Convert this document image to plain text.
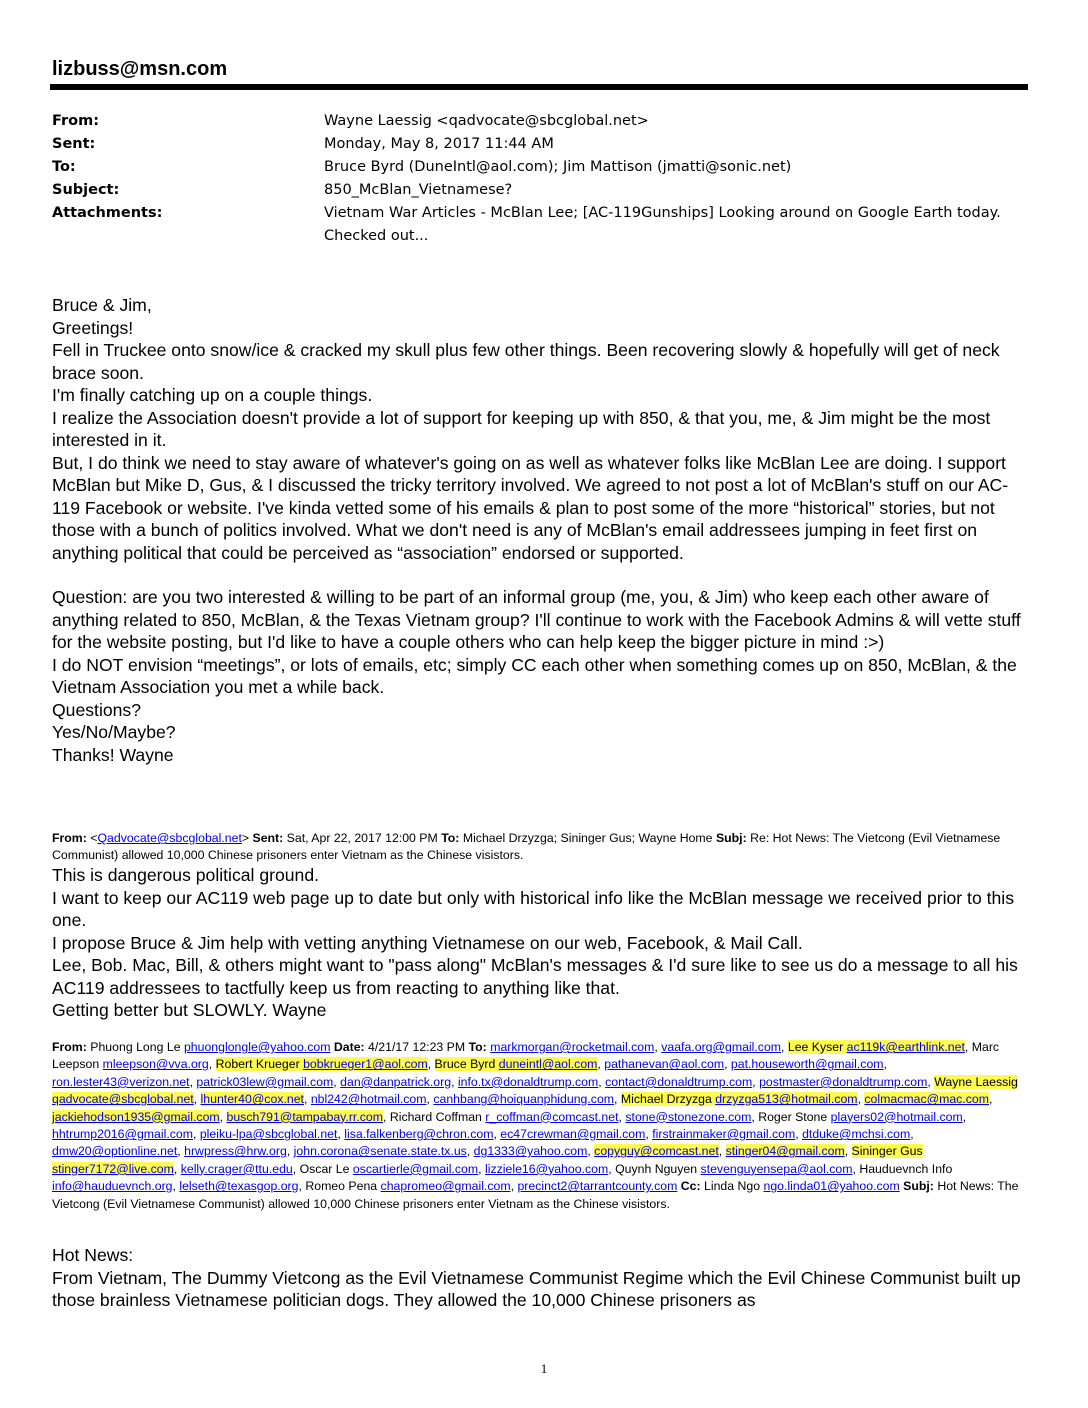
lizbuss@msn.com
From:	Wayne Laessig <qadvocate@sbcglobal.net>
Sent:	Monday, May 8, 2017 11:44 AM
To:	Bruce Byrd (DuneIntl@aol.com); Jim Mattison (jmatti@sonic.net)
Subject:	850_McBlan_Vietnamese?
Attachments:	Vietnam War Articles - McBlan Lee; [AC-119Gunships] Looking around on Google Earth today. Checked out...

Bruce & Jim,

Greetings!

Fell in Truckee onto snow/ice & cracked my skull plus few other things. Been recovering slowly & hopefully will get of neck brace soon.

I'm finally catching up on a couple things.

I realize the Association doesn't provide a lot of support for keeping up with 850, & that you, me, & Jim might be the most interested in it.

But, I do think we need to stay aware of whatever's going on as well as whatever folks like McBlan Lee are doing. I support McBlan but Mike D, Gus, & I discussed the tricky territory involved. We agreed to not post a lot of McBlan's stuff on our AC-119 Facebook or website. I've kinda vetted some of his emails & plan to post some of the more “historical” stories, but not those with a bunch of politics involved. What we don't need is any of McBlan's email addressees jumping in feet first on anything political that could be perceived as “association” endorsed or supported.

Question: are you two interested & willing to be part of an informal group (me, you, & Jim) who keep each other aware of anything related to 850, McBlan, & the Texas Vietnam group? I'll continue to work with the Facebook Admins & will vette stuff for the website posting, but I'd like to have a couple others who can help keep the bigger picture in mind :>)

I do NOT envision “meetings”, or lots of emails, etc; simply CC each other when something comes up on 850, McBlan, & the Vietnam Association you met a while back.

Questions?

Yes/No/Maybe?

Thanks! Wayne

From: <Qadvocate@sbcglobal.net> Sent: Sat, Apr 22, 2017 12:00 PM To: Michael Drzyzga; Sininger Gus; Wayne Home Subj: Re: Hot News: The Vietcong (Evil Vietnamese Communist) allowed 10,000 Chinese prisoners enter Vietnam as the Chinese visistors.

This is dangerous political ground.

I want to keep our AC119 web page up to date but only with historical info like the McBlan message we received prior to this one.

I propose Bruce & Jim help with vetting anything Vietnamese on our web, Facebook, & Mail Call.

Lee, Bob. Mac, Bill, & others might want to "pass along" McBlan's messages & I'd sure like to see us do a message to all his AC119 addressees to tactfully keep us from reacting to anything like that.

Getting better but SLOWLY. Wayne

From: Phuong Long Le phuonglongle@yahoo.com Date: 4/21/17 12:23 PM To: markmorgan@rocketmail.com, vaafa.org@gmail.com, Lee Kyser ac119k@earthlink.net, Marc Leepson mleepson@vva.org, Robert Krueger bobkrueger1@aol.com, Bruce Byrd duneintl@aol.com, pathanevan@aol.com, pat.houseworth@gmail.com, ron.lester43@verizon.net, patrick03lew@gmail.com, dan@danpatrick.org, info.tx@donaldtrump.com, contact@donaldtrump.com, postmaster@donaldtrump.com, Wayne Laessig qadvocate@sbcglobal.net, lhunter40@cox.net, nbl242@hotmail.com, canhbang@hoiquanphidung.com, Michael Drzyzga drzyzga513@hotmail.com, colmacmac@mac.com, jackiehodson1935@gmail.com, busch791@tampabay.rr.com, Richard Coffman r_coffman@comcast.net, stone@stonezone.com, Roger Stone players02@hotmail.com, hhtrump2016@gmail.com, pleiku-lpa@sbcglobal.net, lisa.falkenberg@chron.com, ec47crewman@gmail.com, firstrainmaker@gmail.com, dtduke@mchsi.com, dmw20@optionline.net, hrwpress@hrw.org, john.corona@senate.state.tx.us, dg1333@yahoo.com, copyguy@comcast.net, stinger04@gmail.com, Sininger Gus stinger7172@live.com, kelly.crager@ttu.edu, Oscar Le oscartierle@gmail.com, lizziele16@yahoo.com, Quynh Nguyen stevenguyensepa@aol.com, Hauduevnch Info info@hauduevnch.org, lelseth@texasgop.org, Romeo Pena chapromeo@gmail.com, precinct2@tarrantcounty.com Cc: Linda Ngo ngo.linda01@yahoo.com Subj: Hot News: The Vietcong (Evil Vietnamese Communist) allowed 10,000 Chinese prisoners enter Vietnam as the Chinese visistors.

Hot News:

From Vietnam, The Dummy Vietcong as the Evil Vietnamese Communist Regime which the Evil Chinese Communist built up those brainless Vietnamese politician dogs. They allowed the 10,000 Chinese prisoners as

1
